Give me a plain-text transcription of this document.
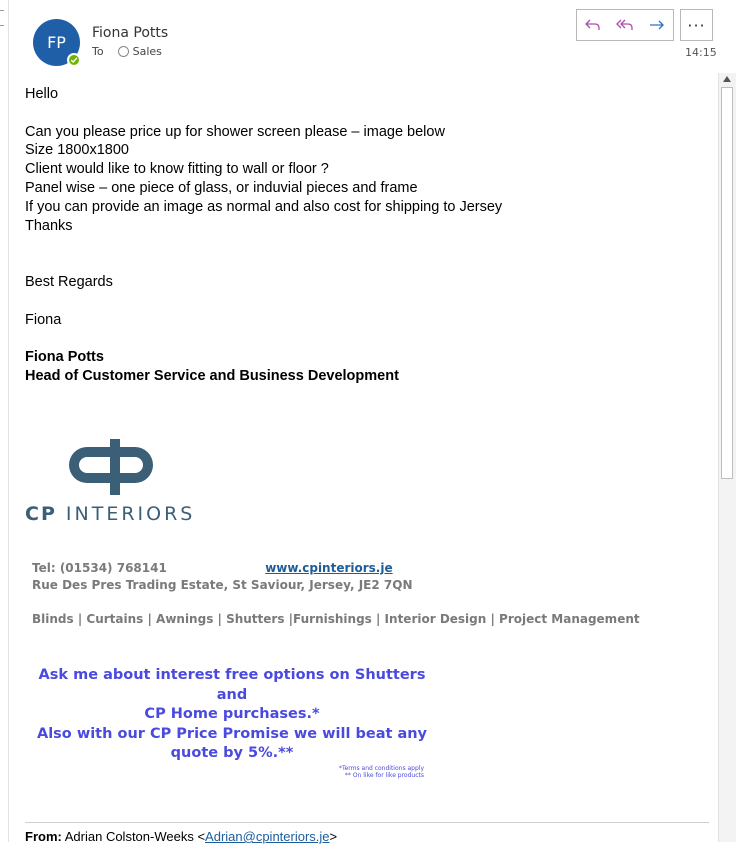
FP Fiona Potts
To	Sales
···
14:15
Hello
Can you please price up for shower screen please – image below
Size 1800x1800
Client would like to know fitting to wall or floor ?
Panel wise – one piece of glass, or induvial pieces and frame
If you can provide an image as normal and also cost for shipping to Jersey
Thanks
Best Regards
Fiona
Fiona Potts
Head of Customer Service and Business Development
CP INTERIORS
Tel: (01534) 768141	www.cpinteriors.je
Rue Des Pres Trading Estate, St Saviour, Jersey, JE2 7QN
Blinds | Curtains | Awnings | Shutters |Furnishings | Interior Design | Project Management
Ask me about interest free options on Shutters and
CP Home purchases.*
Also with our CP Price Promise we will beat any
quote by 5%.**
*Terms and conditions apply
** On like for like products
From: Adrian Colston-Weeks <Adrian@cpinteriors.je>
